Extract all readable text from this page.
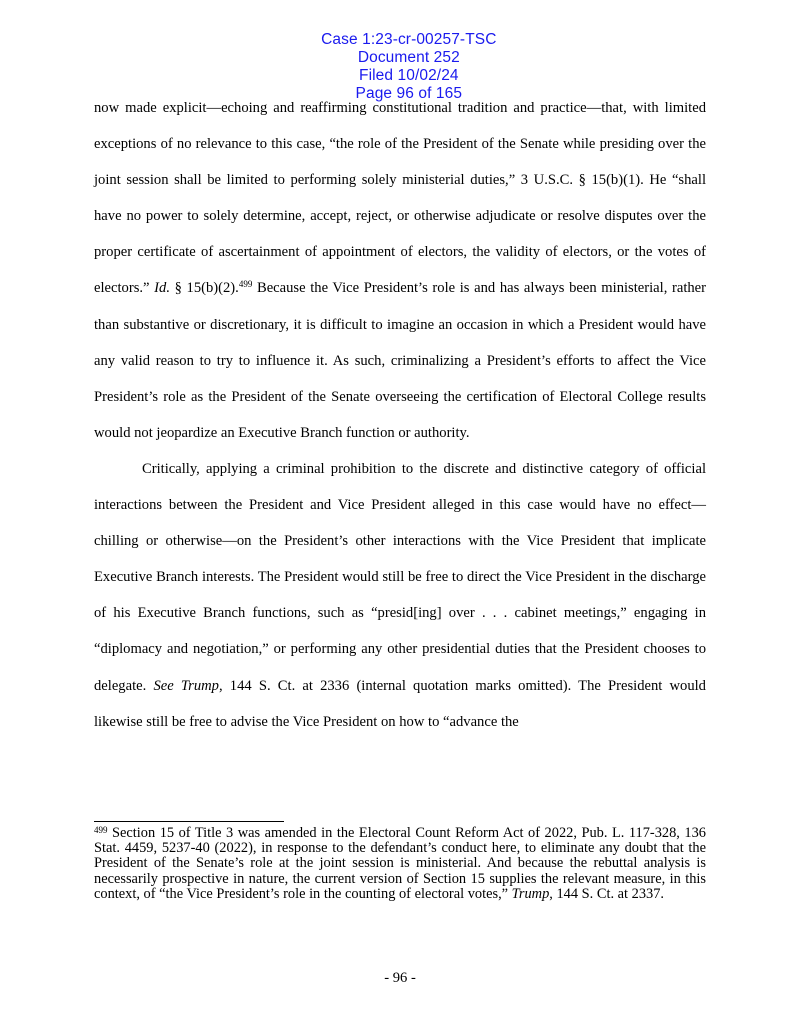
Case 1:23-cr-00257-TSC
Document 252
Filed 10/02/24
Page 96 of 165

now made explicit—echoing and reaffirming constitutional tradition and practice—that, with limited exceptions of no relevance to this case, “the role of the President of the Senate while presiding over the joint session shall be limited to performing solely ministerial duties,” 3 U.S.C. § 15(b)(1). He “shall have no power to solely determine, accept, reject, or otherwise adjudicate or resolve disputes over the proper certificate of ascertainment of appointment of electors, the validity of electors, or the votes of electors.” Id. § 15(b)(2).$^{499}$ Because the Vice President’s role is and has always been ministerial, rather than substantive or discretionary, it is difficult to imagine an occasion in which a President would have any valid reason to try to influence it. As such, criminalizing a President’s efforts to affect the Vice President’s role as the President of the Senate overseeing the certification of Electoral College results would not jeopardize an Executive Branch function or authority.

Critically, applying a criminal prohibition to the discrete and distinctive category of official interactions between the President and Vice President alleged in this case would have no effect—chilling or otherwise—on the President’s other interactions with the Vice President that implicate Executive Branch interests. The President would still be free to direct the Vice President in the discharge of his Executive Branch functions, such as “presid[ing] over . . . cabinet meetings,” engaging in “diplomacy and negotiation,” or performing any other presidential duties that the President chooses to delegate. See Trump, 144 S. Ct. at 2336 (internal quotation marks omitted). The President would likewise still be free to advise the Vice President on how to “advance the

$^{499}$ Section 15 of Title 3 was amended in the Electoral Count Reform Act of 2022, Pub. L. 117-328, 136 Stat. 4459, 5237-40 (2022), in response to the defendant’s conduct here, to eliminate any doubt that the President of the Senate’s role at the joint session is ministerial. And because the rebuttal analysis is necessarily prospective in nature, the current version of Section 15 supplies the relevant measure, in this context, of “the Vice President’s role in the counting of electoral votes,” Trump, 144 S. Ct. at 2337.

- 96 -
